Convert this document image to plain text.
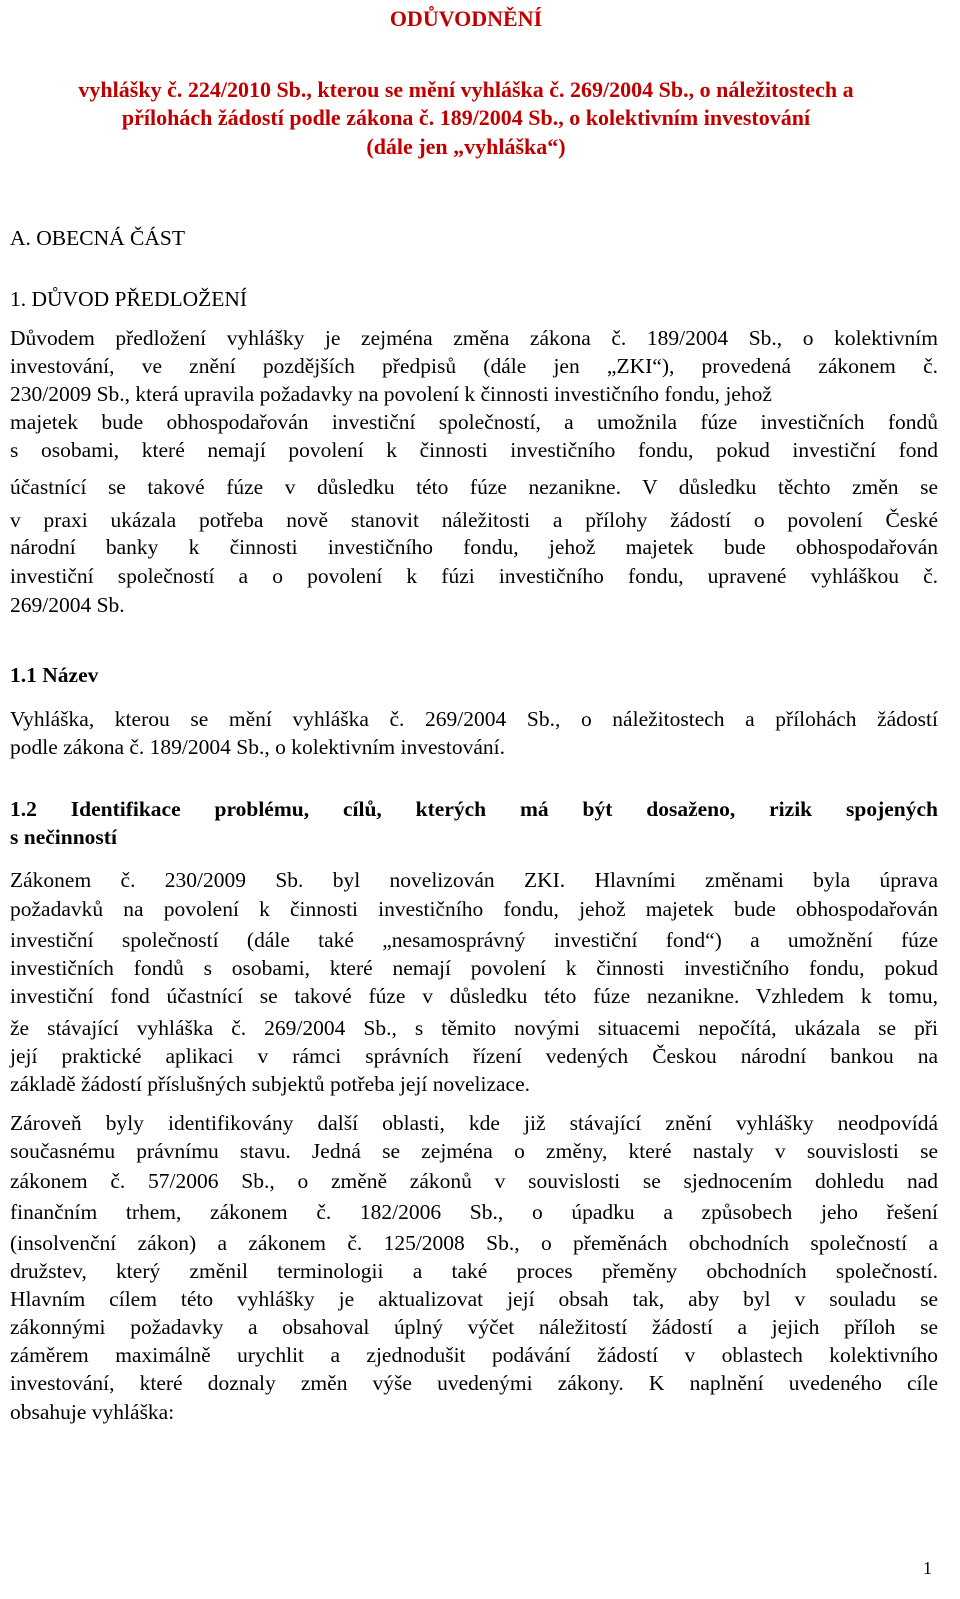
ODŮVODNĚNÍ
vyhlášky č. 224/2010 Sb., kterou se mění vyhláška č. 269/2004 Sb., o náležitostech a
přílohách žádostí podle zákona č. 189/2004 Sb., o kolektivním investování
(dále jen „vyhláška“)
A. OBECNÁ ČÁST
1. DŮVOD PŘEDLOŽENÍ
Důvodem předložení vyhlášky je zejména změna zákona č. 189/2004 Sb., o kolektivním
investování, ve znění pozdějších předpisů (dále jen „ZKI“), provedená zákonem č.
230/2009 Sb., která upravila požadavky na povolení k činnosti investičního fondu, jehož
majetek bude obhospodařován investiční společností, a umožnila fúze investičních fondů
s osobami, které nemají povolení k činnosti investičního fondu, pokud investiční fond
účastnící se takové fúze v důsledku této fúze nezanikne. V důsledku těchto změn se
v praxi ukázala potřeba nově stanovit náležitosti a přílohy žádostí o povolení České
národní banky k činnosti investičního fondu, jehož majetek bude obhospodařován
investiční společností a o povolení k fúzi investičního fondu, upravené vyhláškou č.
269/2004 Sb.
1.1 Název
Vyhláška, kterou se mění vyhláška č. 269/2004 Sb., o náležitostech a přílohách žádostí
podle zákona č. 189/2004 Sb., o kolektivním investování.
1.2 Identifikace problému, cílů, kterých má být dosaženo, rizik spojených
s nečinností
Zákonem č. 230/2009 Sb. byl novelizován ZKI. Hlavními změnami byla úprava
požadavků na povolení k činnosti investičního fondu, jehož majetek bude obhospodařován
investiční společností (dále také „nesamosprávný investiční fond“) a umožnění fúze
investičních fondů s osobami, které nemají povolení k činnosti investičního fondu, pokud
investiční fond účastnící se takové fúze v důsledku této fúze nezanikne. Vzhledem k tomu,
že stávající vyhláška č. 269/2004 Sb., s těmito novými situacemi nepočítá, ukázala se při
její praktické aplikaci v rámci správních řízení vedených Českou národní bankou na
základě žádostí příslušných subjektů potřeba její novelizace.
Zároveň byly identifikovány další oblasti, kde již stávající znění vyhlášky neodpovídá
současnému právnímu stavu. Jedná se zejména o změny, které nastaly v souvislosti se
zákonem č. 57/2006 Sb., o změně zákonů v souvislosti se sjednocením dohledu nad
finančním trhem, zákonem č. 182/2006 Sb., o úpadku a způsobech jeho řešení
(insolvenční zákon) a zákonem č. 125/2008 Sb., o přeměnách obchodních společností a
družstev, který změnil terminologii a také proces přeměny obchodních společností.
Hlavním cílem této vyhlášky je aktualizovat její obsah tak, aby byl v souladu se
zákonnými požadavky a obsahoval úplný výčet náležitostí žádostí a jejich příloh se
záměrem maximálně urychlit a zjednodušit podávání žádostí v oblastech kolektivního
investování, které doznaly změn výše uvedenými zákony. K naplnění uvedeného cíle
obsahuje vyhláška:
1
